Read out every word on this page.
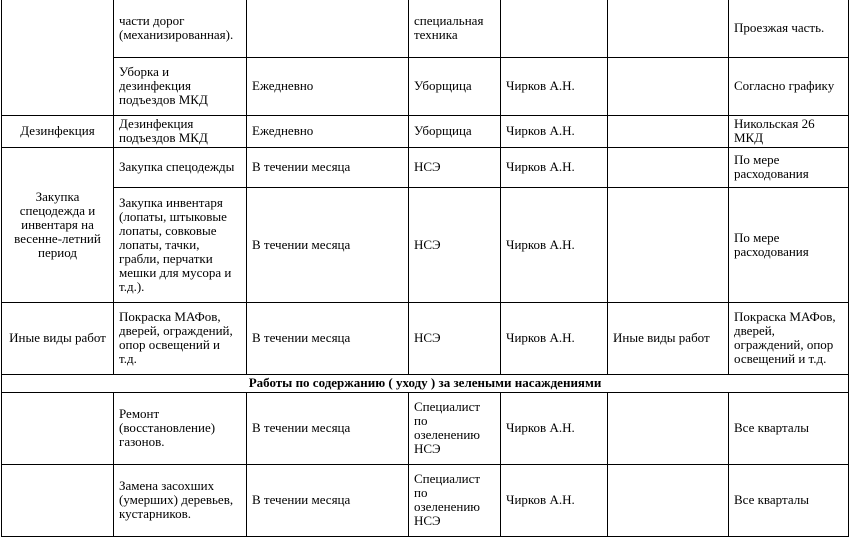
	части дорог (механизированная).		специальная техника			Проезжая часть.
	Уборка и дезинфекция подъездов МКД	Ежедневно	Уборщица	Чирков А.Н.		Согласно графику
Дезинфекция	Дезинфекция подъездов МКД	Ежедневно	Уборщица	Чирков А.Н.		Никольская 26 МКД
Закупка спецодежда и инвентаря на весенне-летний период	Закупка спецодежды	В течении месяца	НСЭ	Чирков А.Н.		По мере расходования
	Закупка инвентаря (лопаты, штыковые лопаты, совковые лопаты, тачки, грабли, перчатки мешки для мусора и т.д.).	В течении месяца	НСЭ	Чирков А.Н.		По мере расходования
Иные виды работ	Покраска МАФов, дверей, ограждений, опор освещений и т.д.	В течении месяца	НСЭ	Чирков А.Н.	Иные виды работ	Покраска МАФов, дверей, ограждений, опор освещений и т.д.
Работы по содержанию ( уходу ) за зелеными насаждениями						
	Ремонт (восстановление) газонов.	В течении месяца	Специалист по озеленению НСЭ	Чирков А.Н.		Все кварталы
	Замена засохших (умерших) деревьев, кустарников.	В течении месяца	Специалист по озеленению НСЭ	Чирков А.Н.		Все кварталы
